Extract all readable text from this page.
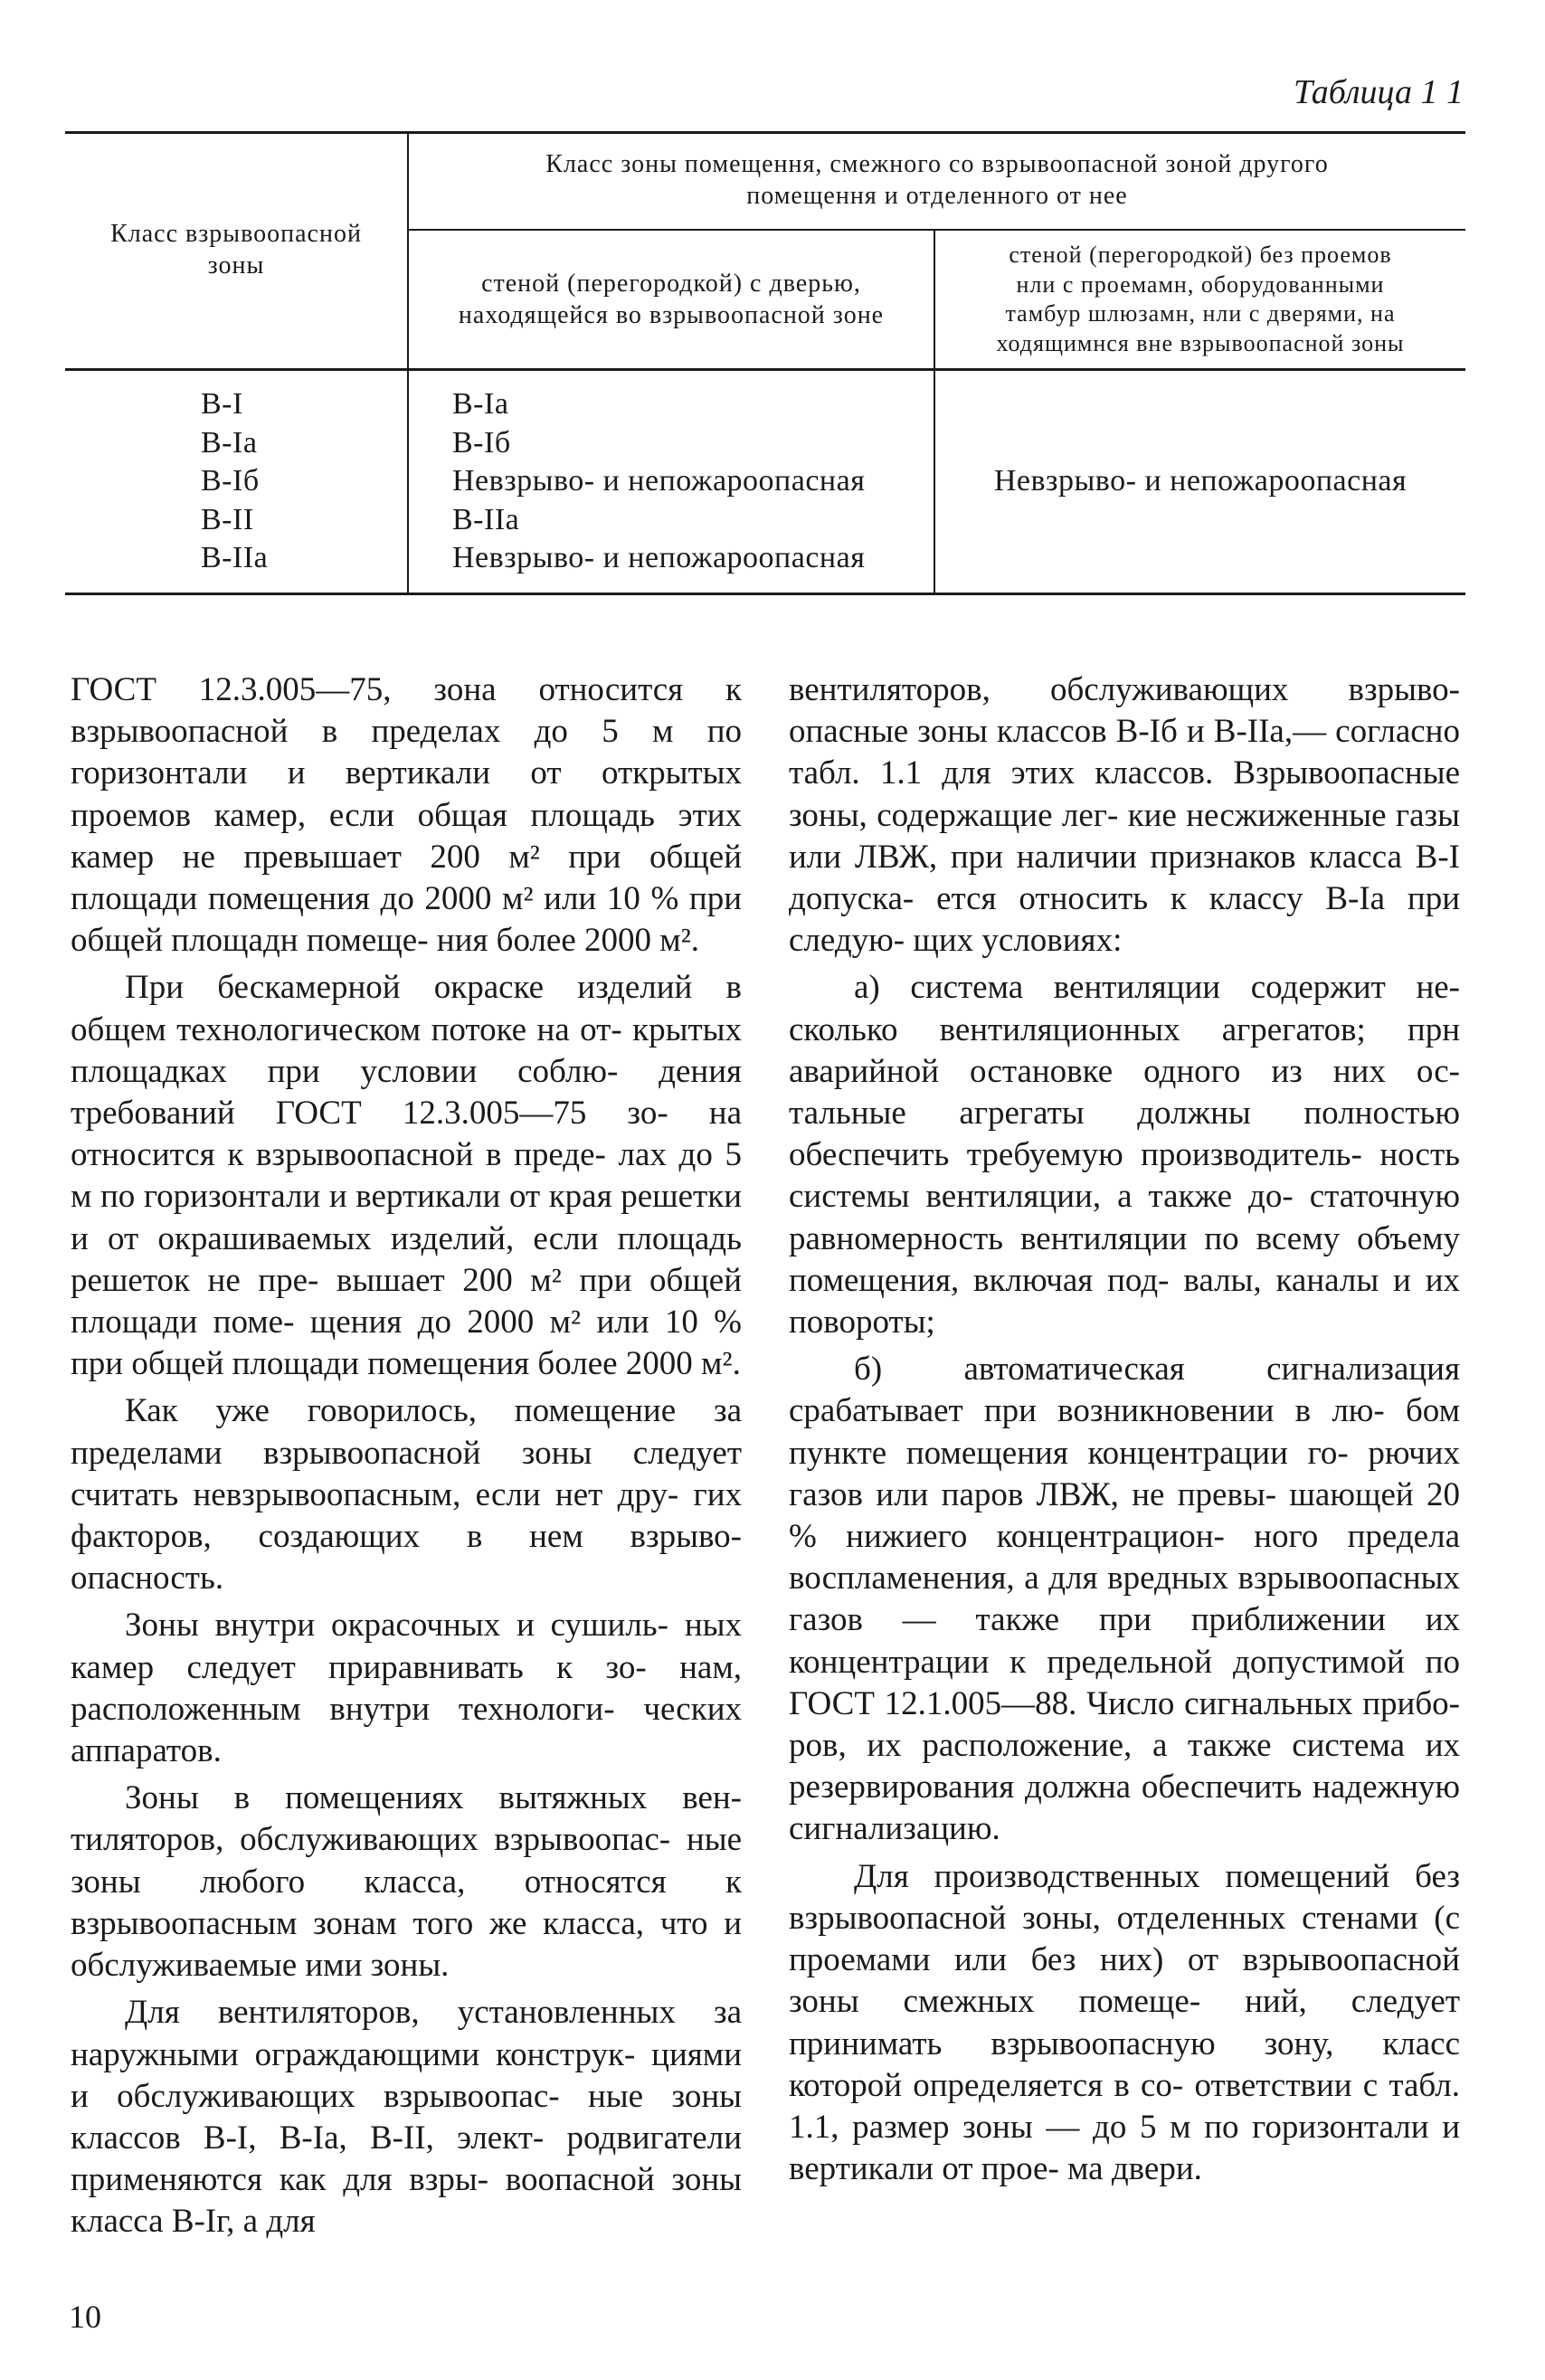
Таблица 1 1
Класс взрывоопасной
зоны
Класс зоны помещення, смежного со взрывоопасной зоной другого
помещення и отделенного от нее
стеной (перегородкой) с дверью,
находящейся во взрывоопасной зоне
стеной (перегородкой) без проемов
нли с проемамн, оборудованными
тамбур шлюзамн, нли с дверями, на
ходящимнся вне взрывоопасной зоны
В-I
В-Iа
В-Iб
В-II
В-IIа
В-Iа
В-Iб
Невзрыво- и непожароопасная
В-IIа
Невзрыво- и непожароопасная
Невзрыво- и непожароопасная

ГОСТ 12.3.005—75, зона относится к взрывоопасной в пределах до 5 м по горизонтали и вертикали от открытых проемов камер, если общая площадь этих камер не превышает 200 м² при общей площади помещения до 2000 м² или 10 % при общей площадн помеще- ния более 2000 м².

При бескамерной окраске изделий в общем технологическом потоке на от- крытых площадках при условии соблю- дения требований ГОСТ 12.3.005—75 зо- на относится к взрывоопасной в преде- лах до 5 м по горизонтали и вертикали от края решетки и от окрашиваемых изделий, если площадь решеток не пре- вышает 200 м² при общей площади поме- щения до 2000 м² или 10 % при общей площади помещения более 2000 м².

Как уже говорилось, помещение за пределами взрывоопасной зоны следует считать невзрывоопасным, если нет дру- гих факторов, создающих в нем взрыво- опасность.

Зоны внутри окрасочных и сушиль- ных камер следует приравнивать к зо- нам, расположенным внутри технологи- ческих аппаратов.

Зоны в помещениях вытяжных вен- тиляторов, обслуживающих взрывоопас- ные зоны любого класса, относятся к взрывоопасным зонам того же класса, что и обслуживаемые ими зоны.

Для вентиляторов, установленных за наружными ограждающими конструк- циями и обслуживающих взрывоопас- ные зоны классов В-I, В-Iа, В-II, элект- родвигатели применяются как для взры- воопасной зоны класса В-Iг, а для

вентиляторов, обслуживающих взрыво- опасные зоны классов В-Iб и В-IIа,— согласно табл. 1.1 для этих классов. Взрывоопасные зоны, содержащие лег- кие несжиженные газы или ЛВЖ, при наличии признаков класса В-I допуска- ется относить к классу В-Iа при следую- щих условиях:

а) система вентиляции содержит не- сколько вентиляционных агрегатов; прн аварийной остановке одного из них ос- тальные агрегаты должны полностью обеспечить требуемую производитель- ность системы вентиляции, а также до- статочную равномерность вентиляции по всему объему помещения, включая под- валы, каналы и их повороты;

б) автоматическая сигнализация срабатывает при возникновении в лю- бом пункте помещения концентрации го- рючих газов или паров ЛВЖ, не превы- шающей 20 % нижиего концентрацион- ного предела воспламенения, а для вредных взрывоопасных газов — также при приближении их концентрации к предельной допустимой по ГОСТ 12.1.005—88. Число сигнальных прибо- ров, их расположение, а также система их резервирования должна обеспечить надежную сигнализацию.

Для производственных помещений без взрывоопасной зоны, отделенных стенами (с проемами или без них) от взрывоопасной зоны смежных помеще- ний, следует принимать взрывоопасную зону, класс которой определяется в со- ответствии с табл. 1.1, размер зоны — до 5 м по горизонтали и вертикали от прое- ма двери.

10
